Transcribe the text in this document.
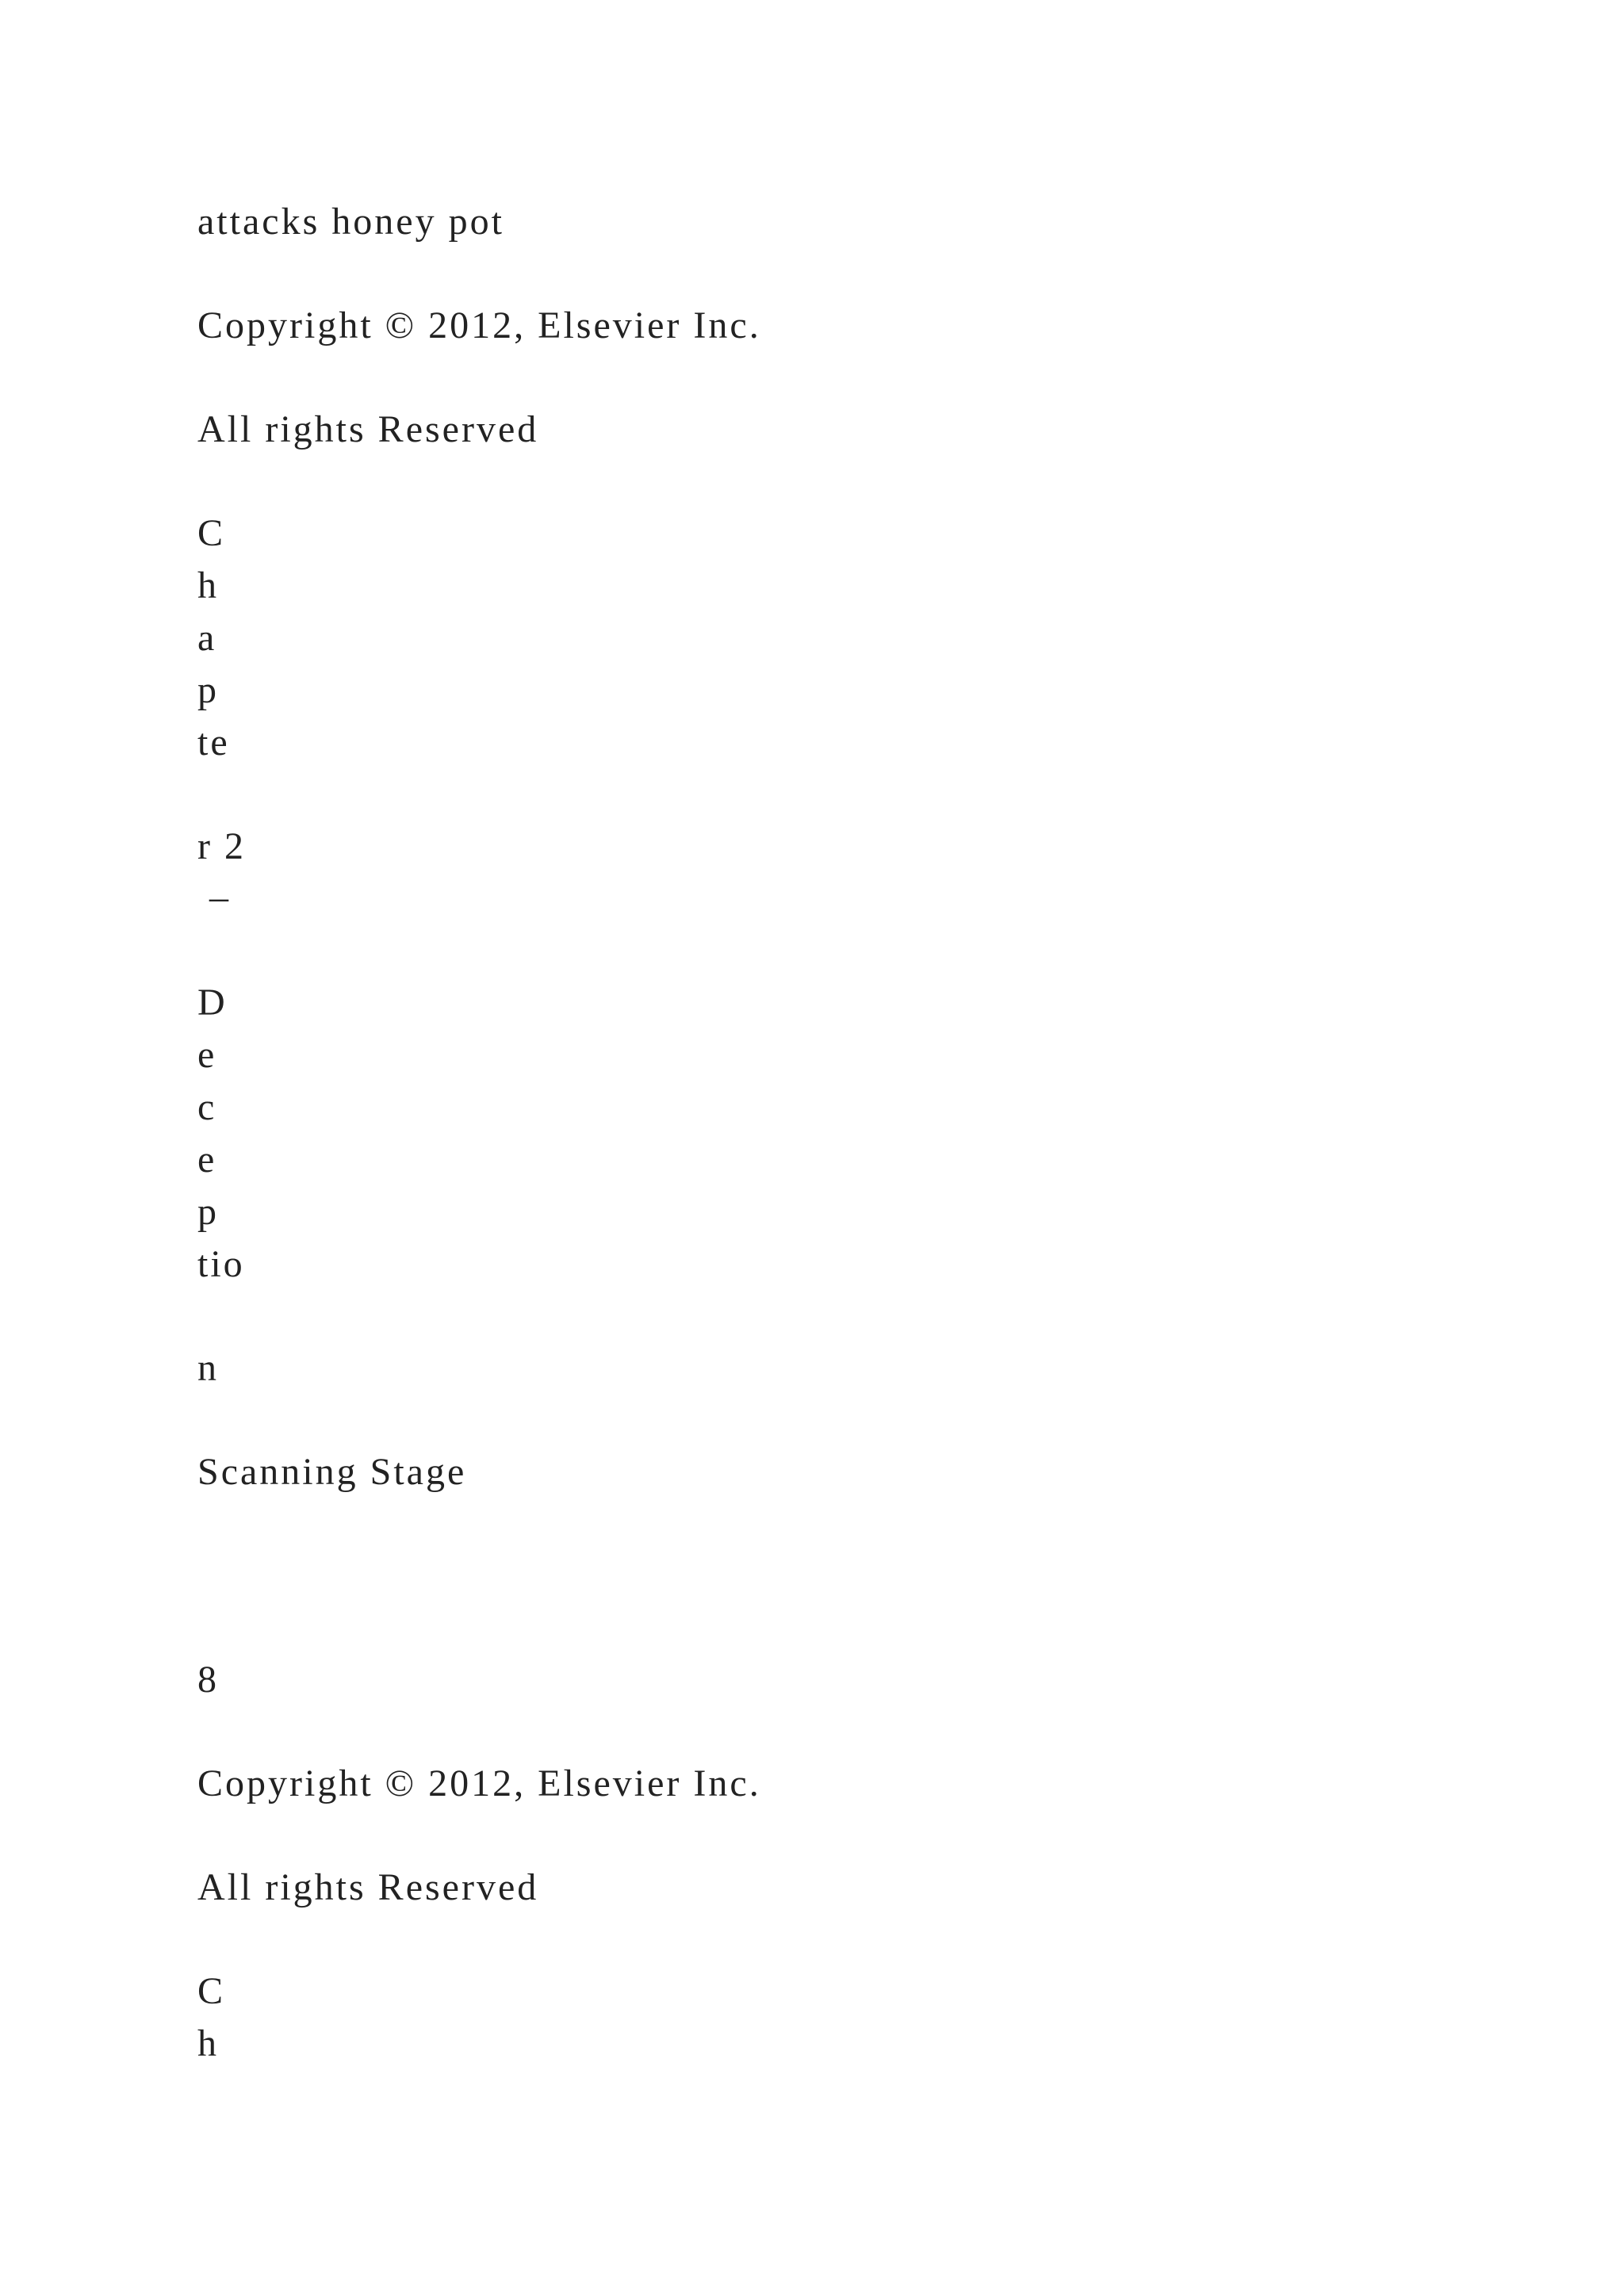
attacks honey pot

Copyright © 2012, Elsevier Inc.

All rights Reserved

C

h

a

p

te

r 2

–

D

e

c

e

p

tio

n

Scanning Stage

8

Copyright © 2012, Elsevier Inc.

All rights Reserved

C

h
